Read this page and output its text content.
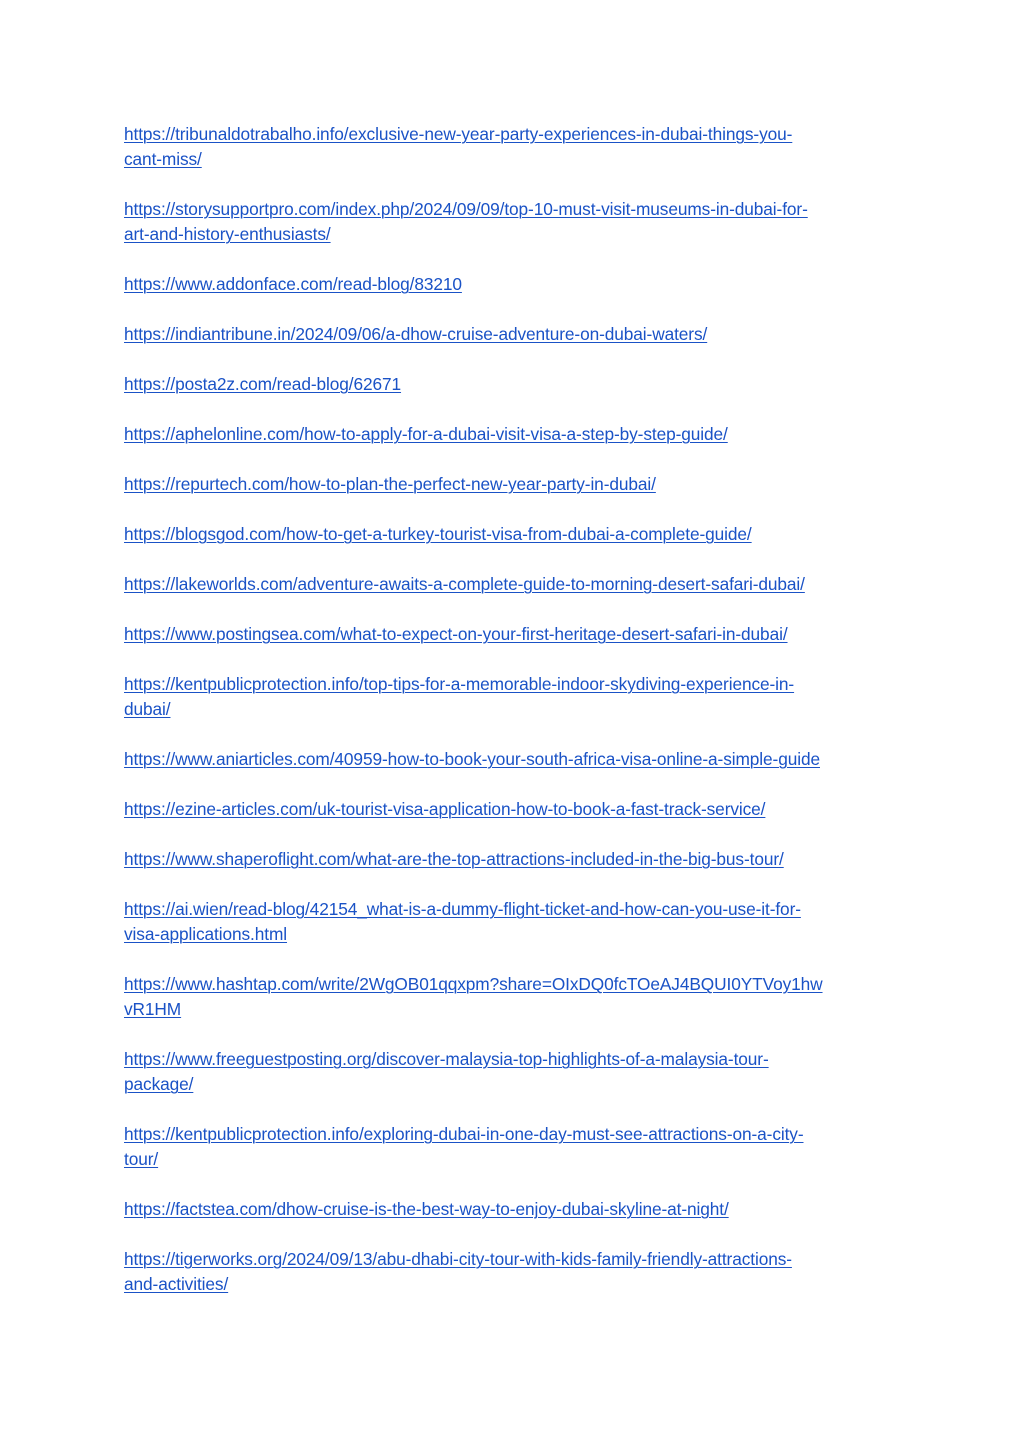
https://tribunaldotrabalho.info/exclusive-new-year-party-experiences-in-dubai-things-you-
cant-miss/
https://storysupportpro.com/index.php/2024/09/09/top-10-must-visit-museums-in-dubai-for-
art-and-history-enthusiasts/
https://www.addonface.com/read-blog/83210
https://indiantribune.in/2024/09/06/a-dhow-cruise-adventure-on-dubai-waters/
https://posta2z.com/read-blog/62671
https://aphelonline.com/how-to-apply-for-a-dubai-visit-visa-a-step-by-step-guide/
https://repurtech.com/how-to-plan-the-perfect-new-year-party-in-dubai/
https://blogsgod.com/how-to-get-a-turkey-tourist-visa-from-dubai-a-complete-guide/
https://lakeworlds.com/adventure-awaits-a-complete-guide-to-morning-desert-safari-dubai/
https://www.postingsea.com/what-to-expect-on-your-first-heritage-desert-safari-in-dubai/
https://kentpublicprotection.info/top-tips-for-a-memorable-indoor-skydiving-experience-in-
dubai/
https://www.aniarticles.com/40959-how-to-book-your-south-africa-visa-online-a-simple-guide
https://ezine-articles.com/uk-tourist-visa-application-how-to-book-a-fast-track-service/
https://www.shaperoflight.com/what-are-the-top-attractions-included-in-the-big-bus-tour/
https://ai.wien/read-blog/42154_what-is-a-dummy-flight-ticket-and-how-can-you-use-it-for-
visa-applications.html
https://www.hashtap.com/write/2WgOB01qqxpm?share=OIxDQ0fcTOeAJ4BQUI0YTVoy1hw
vR1HM
https://www.freeguestposting.org/discover-malaysia-top-highlights-of-a-malaysia-tour-
package/
https://kentpublicprotection.info/exploring-dubai-in-one-day-must-see-attractions-on-a-city-
tour/
https://factstea.com/dhow-cruise-is-the-best-way-to-enjoy-dubai-skyline-at-night/
https://tigerworks.org/2024/09/13/abu-dhabi-city-tour-with-kids-family-friendly-attractions-
and-activities/
